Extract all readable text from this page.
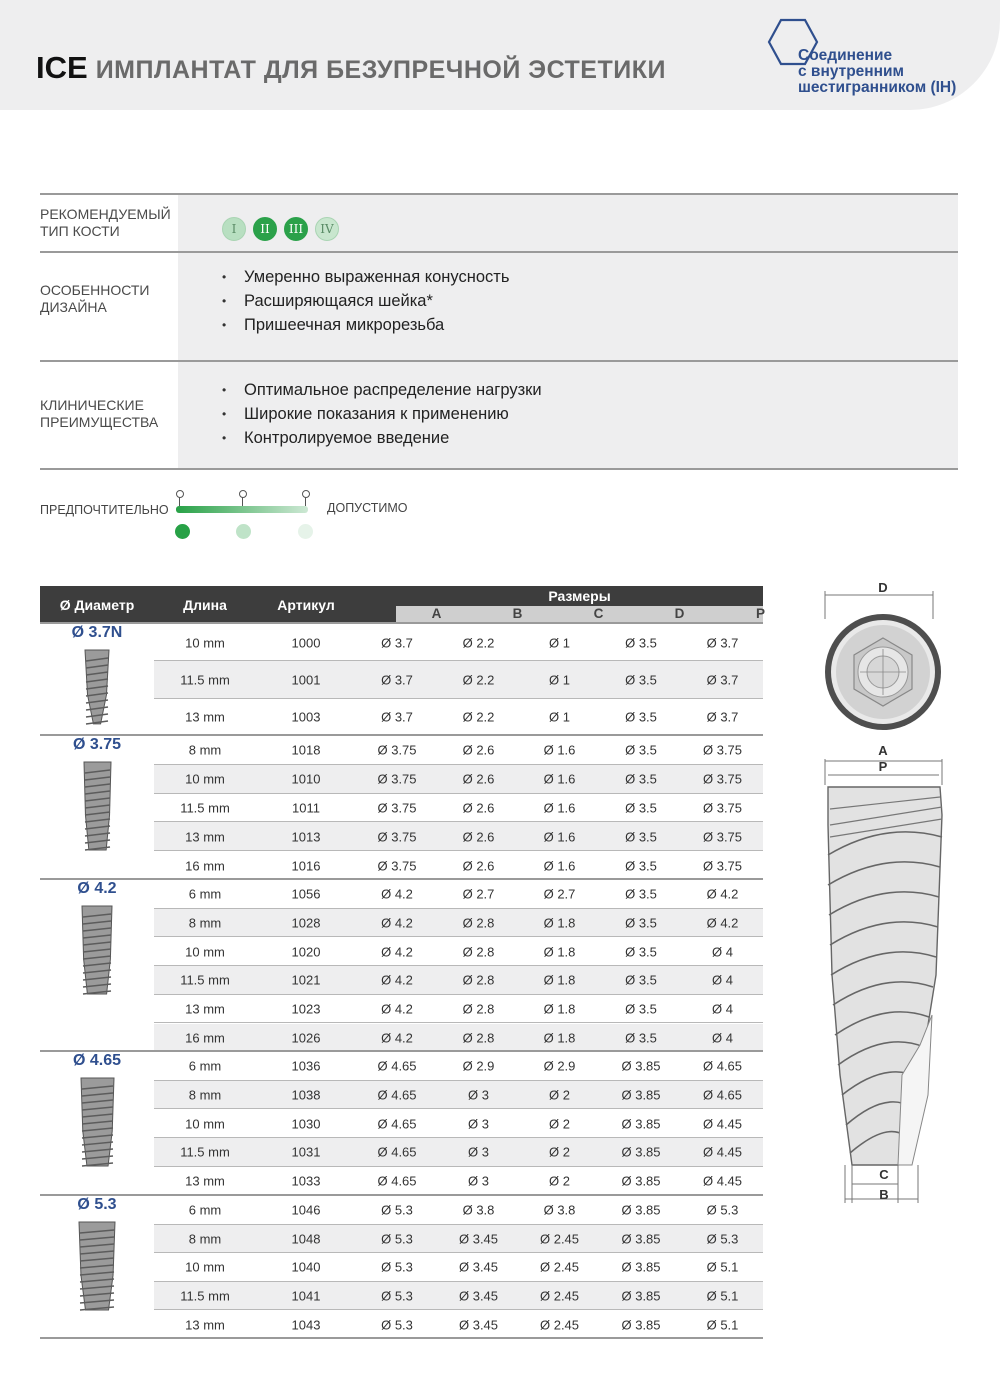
ICE ИМПЛАНТАТ ДЛЯ БЕЗУПРЕЧНОЙ ЭСТЕТИКИ
Соединение
с внутренним
шестигранником (IH)
РЕКОМЕНДУЕМЫЙ
ТИП КОСТИ	I	II	III	IV
ОСОБЕННОСТИ
ДИЗАЙНА
• Умеренно выраженная конусность
• Расширяющаяся шейка*
• Пришеечная микрорезьба
КЛИНИЧЕСКИЕ
ПРЕИМУЩЕСТВА
• Оптимальное распределение нагрузки
• Широкие показания к применению
• Контролируемое введение
ПРЕДПОЧТИТЕЛЬНО	ДОПУСТИМО
Ø Диаметр	Длина	Артикул
Размеры
A	B	C	D	P
Ø 3.7N
10 mm	1000	Ø 3.7	Ø 2.2	Ø 1	Ø 3.5	Ø 3.7
11.5 mm	1001	Ø 3.7	Ø 2.2	Ø 1	Ø 3.5	Ø 3.7
13 mm	1003	Ø 3.7	Ø 2.2	Ø 1	Ø 3.5	Ø 3.7
Ø 3.75	8 mm	1018	Ø 3.75	Ø 2.6	Ø 1.6	Ø 3.5	Ø 3.75
10 mm	1010	Ø 3.75	Ø 2.6	Ø 1.6	Ø 3.5	Ø 3.75
11.5 mm	1011	Ø 3.75	Ø 2.6	Ø 1.6	Ø 3.5	Ø 3.75
13 mm	1013	Ø 3.75	Ø 2.6	Ø 1.6	Ø 3.5	Ø 3.75
16 mm	1016	Ø 3.75	Ø 2.6	Ø 1.6	Ø 3.5	Ø 3.75
Ø 4.2	6 mm	1056	Ø 4.2	Ø 2.7	Ø 2.7	Ø 3.5	Ø 4.2
8 mm	1028	Ø 4.2	Ø 2.8	Ø 1.8	Ø 3.5	Ø 4.2
10 mm	1020	Ø 4.2	Ø 2.8	Ø 1.8	Ø 3.5	Ø 4
11.5 mm	1021	Ø 4.2	Ø 2.8	Ø 1.8	Ø 3.5	Ø 4
13 mm	1023	Ø 4.2	Ø 2.8	Ø 1.8	Ø 3.5	Ø 4
16 mm	1026	Ø 4.2	Ø 2.8	Ø 1.8	Ø 3.5	Ø 4
Ø 4.65	6 mm	1036	Ø 4.65	Ø 2.9	Ø 2.9	Ø 3.85	Ø 4.65
8 mm	1038	Ø 4.65	Ø 3	Ø 2	Ø 3.85	Ø 4.65
10 mm	1030	Ø 4.65	Ø 3	Ø 2	Ø 3.85	Ø 4.45
11.5 mm	1031	Ø 4.65	Ø 3	Ø 2	Ø 3.85	Ø 4.45
13 mm	1033	Ø 4.65	Ø 3	Ø 2	Ø 3.85	Ø 4.45
Ø 5.3	6 mm	1046	Ø 5.3	Ø 3.8	Ø 3.8	Ø 3.85	Ø 5.3
8 mm	1048	Ø 5.3	Ø 3.45	Ø 2.45	Ø 3.85	Ø 5.3
10 mm	1040	Ø 5.3	Ø 3.45	Ø 2.45	Ø 3.85	Ø 5.1
11.5 mm	1041	Ø 5.3	Ø 3.45	Ø 2.45	Ø 3.85	Ø 5.1
13 mm	1043	Ø 5.3	Ø 3.45	Ø 2.45	Ø 3.85	Ø 5.1
D
A
P
C
B
